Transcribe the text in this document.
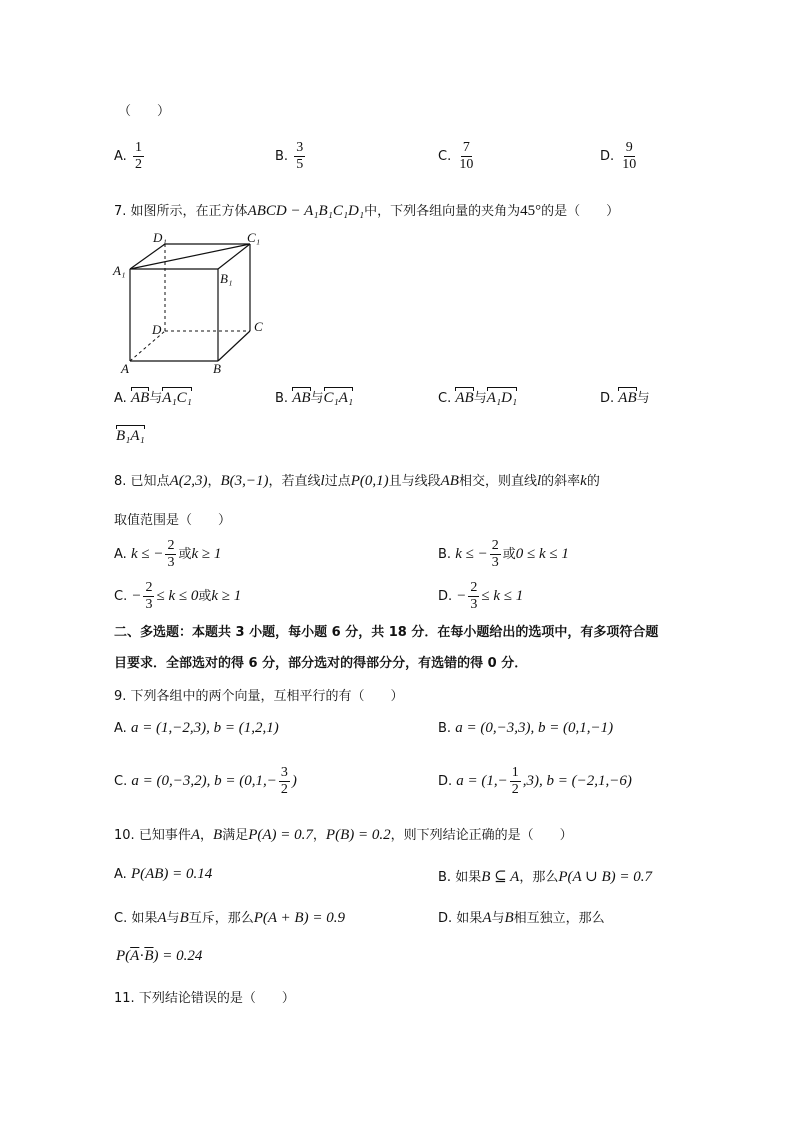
（　　）
A. $\frac{1}{2}$	B. $\frac{3}{5}$	C. $\frac{7}{10}$	D. $\frac{9}{10}$
7. 如图所示，在正方体ABCD − A₁B₁C₁D₁中，下列各组向量的夹角为45°的是（　　）
D₁	C₁
A₁
B₁
D	C
A	B
A. AB与A₁C₁	B. AB与C₁A₁	C. AB与A₁D₁	D. AB与
B₁A₁
8. 已知点A(2,3)，B(3,−1)，若直线l过点P(0,1)且与线段AB相交，则直线l的斜率k的
取值范围是（　　）
A. k ≤ − $\frac{2}{3}$ 或k ≥ 1	B. k ≤ − $\frac{2}{3}$ 或0 ≤ k ≤ 1
C. − $\frac{2}{3} \le k \le 0$或k ≥ 1	D. − $\frac{2}{3} \le k \le 1$
二、多选题：本题共 3 小题，每小题 6 分，共 18 分．在每小题给出的选项中，有多项符合题
目要求．全部选对的得 6 分，部分选对的得部分分，有选错的得 0 分．
9. 下列各组中的两个向量，互相平行的有（　　）
A. a = (1,−2,3), b = (1,2,1)	B. a = (0,−3,3), b = (0,1,−1)
C. a = (0,−3,2), $b = (0,1,- \frac{3}{2}$ )	D. $a = (1,- \frac{1}{2} ,3)$, b = (−2,1,−6)
10. 已知事件A，B满足P(A) = 0.7，P(B) = 0.2，则下列结论正确的是（　　）
A. P(AB) = 0.14	B. 如果B ⊆ A，那么P(A ∪ B) = 0.7
C. 如果A与B互斥，那么P(A + B) = 0.9	D. 如果A与B相互独立，那么
$P(\overline{A}\cdot\overline{B}) = 0.24$
11. 下列结论错误的是（　　）
